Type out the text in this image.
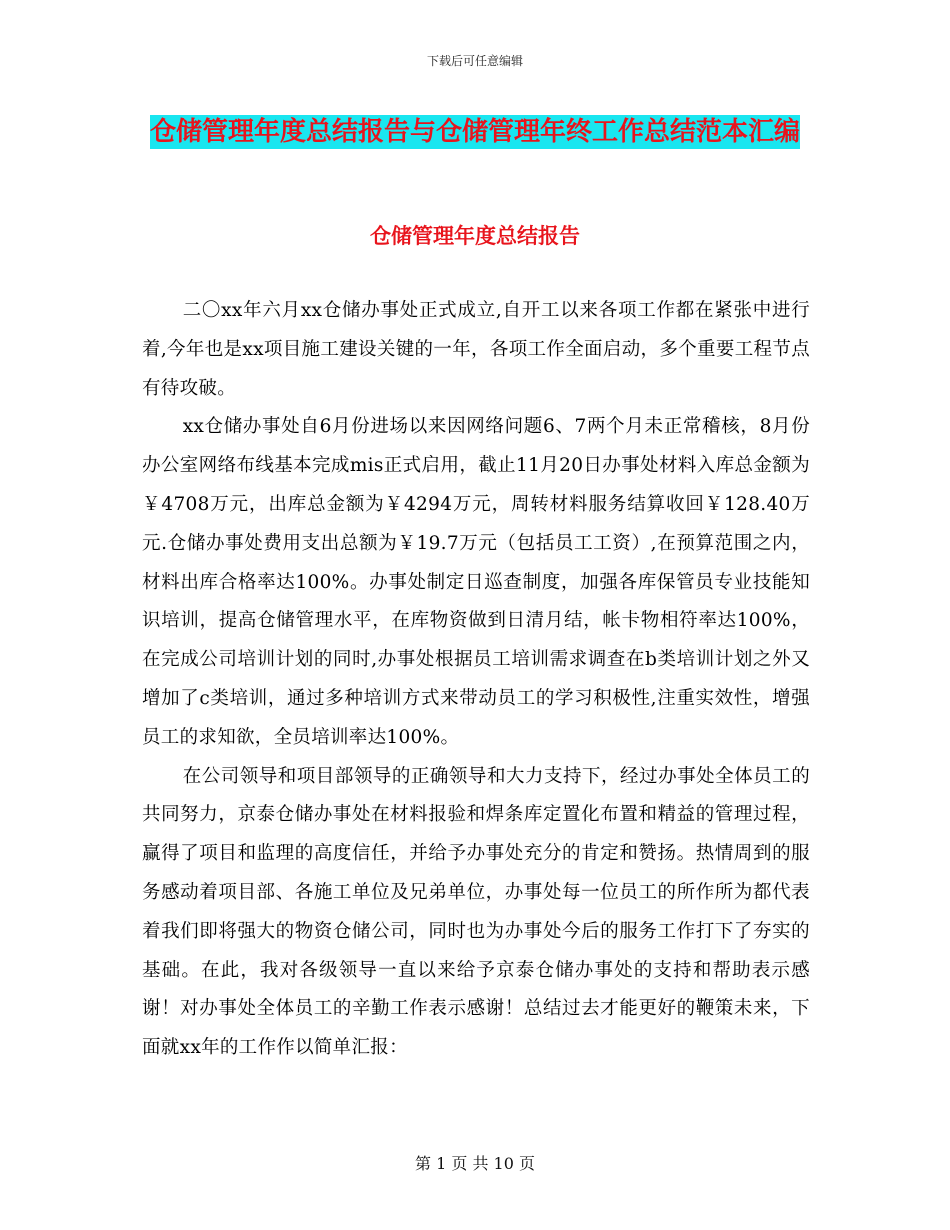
下载后可任意编辑
仓储管理年度总结报告与仓储管理年终工作总结范本汇编
仓储管理年度总结报告

二〇xx年六月xx仓储办事处正式成立,自开工以来各项工作都在紧张中进行着,今年也是xx项目施工建设关键的一年，各项工作全面启动，多个重要工程节点有待攻破。

xx仓储办事处自6月份进场以来因网络问题6、7两个月未正常稽核，8月份办公室网络布线基本完成mis正式启用，截止11月20日办事处材料入库总金额为￥4708万元，出库总金额为￥4294万元，周转材料服务结算收回￥128.40万元.仓储办事处费用支出总额为￥19.7万元（包括员工工资）,在预算范围之内，材料出库合格率达100%。办事处制定日巡查制度，加强各库保管员专业技能知识培训，提高仓储管理水平，在库物资做到日清月结，帐卡物相符率达100%，在完成公司培训计划的同时,办事处根据员工培训需求调查在b类培训计划之外又增加了c类培训，通过多种培训方式来带动员工的学习积极性,注重实效性，增强员工的求知欲，全员培训率达100%。

在公司领导和项目部领导的正确领导和大力支持下，经过办事处全体员工的共同努力，京泰仓储办事处在材料报验和焊条库定置化布置和精益的管理过程，赢得了项目和监理的高度信任，并给予办事处充分的肯定和赞扬。热情周到的服务感动着项目部、各施工单位及兄弟单位，办事处每一位员工的所作所为都代表着我们即将强大的物资仓储公司，同时也为办事处今后的服务工作打下了夯实的基础。在此，我对各级领导一直以来给予京泰仓储办事处的支持和帮助表示感谢！对办事处全体员工的辛勤工作表示感谢！总结过去才能更好的鞭策未来，下面就xx年的工作作以简单汇报：

第 1 页 共 10 页
